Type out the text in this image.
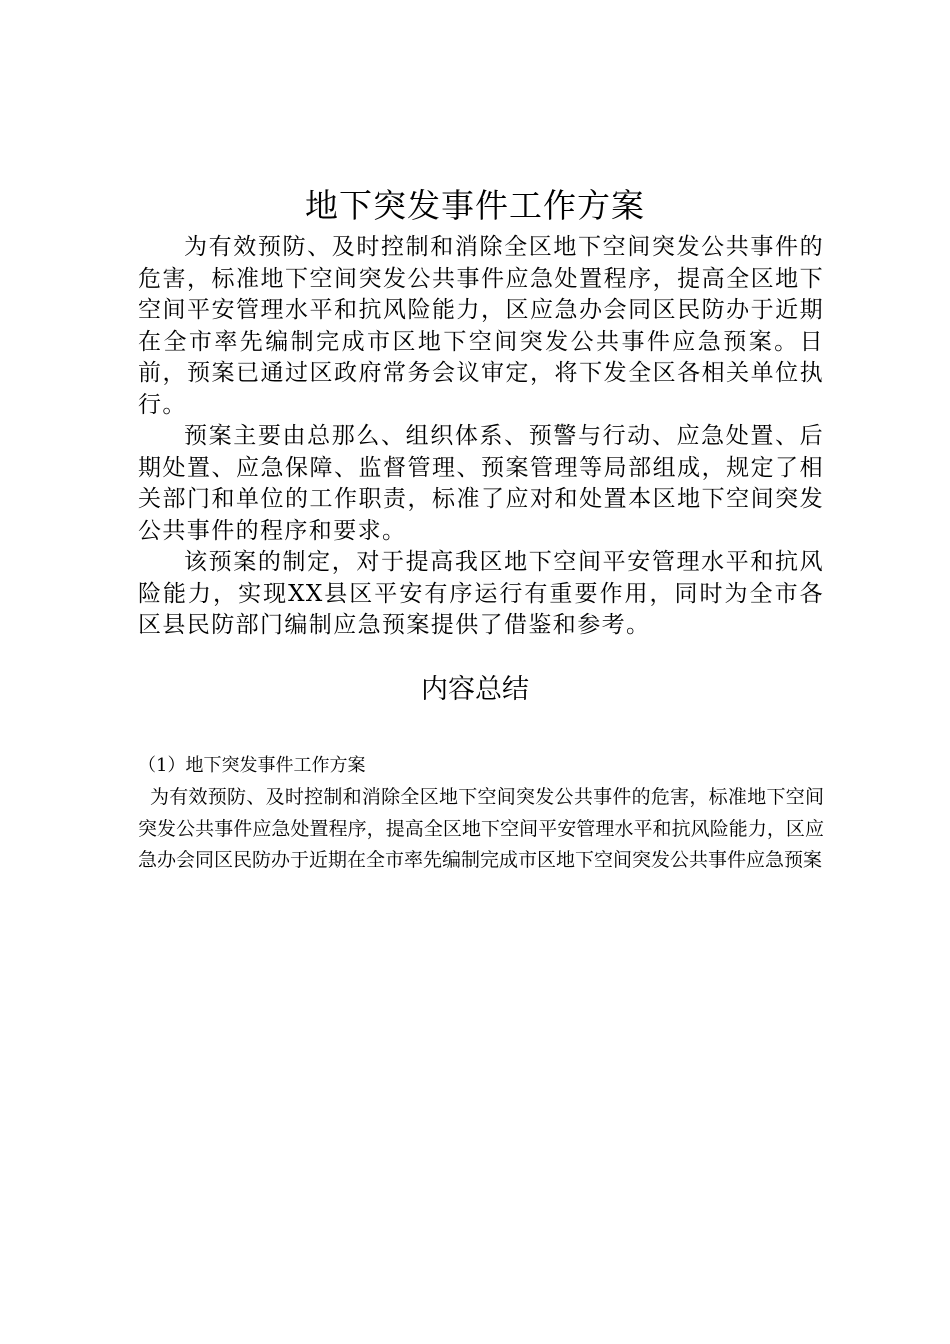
地下突发事件工作方案

为有效预防、及时控制和消除全区地下空间突发公共事件的危害，标准地下空间突发公共事件应急处置程序，提高全区地下空间平安管理水平和抗风险能力，区应急办会同区民防办于近期在全市率先编制完成市区地下空间突发公共事件应急预案。日前，预案已通过区政府常务会议审定，将下发全区各相关单位执行。

预案主要由总那么、组织体系、预警与行动、应急处置、后期处置、应急保障、监督管理、预案管理等局部组成，规定了相关部门和单位的工作职责，标准了应对和处置本区地下空间突发公共事件的程序和要求。

该预案的制定，对于提高我区地下空间平安管理水平和抗风险能力，实现XX县区平安有序运行有重要作用，同时为全市各区县民防部门编制应急预案提供了借鉴和参考。

内容总结

（1）地下突发事件工作方案

为有效预防、及时控制和消除全区地下空间突发公共事件的危害，标准地下空间突发公共事件应急处置程序，提高全区地下空间平安管理水平和抗风险能力，区应急办会同区民防办于近期在全市率先编制完成市区地下空间突发公共事件应急预案
